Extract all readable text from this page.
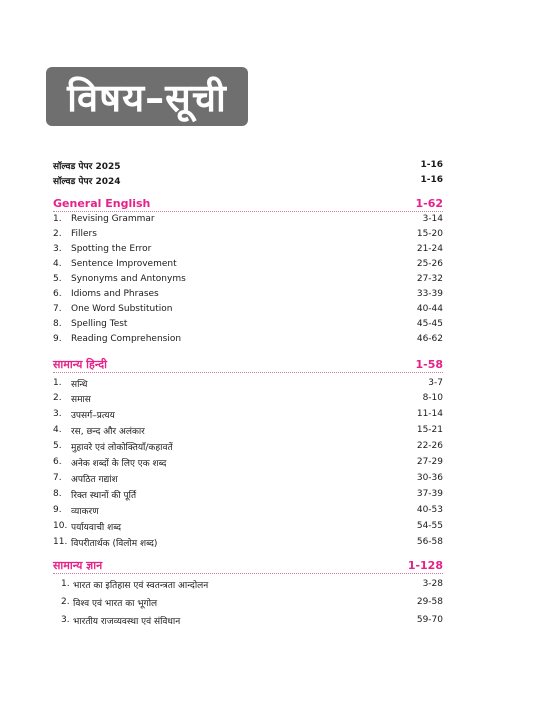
विषय–सूची
सॉल्वड पेपर 2025	1-16
सॉल्वड पेपर 2024	1-16
General English	1-62
1.	Revising Grammar	3-14
2.	Fillers	15-20
3.	Spotting the Error	21-24
4.	Sentence Improvement	25-26
5.	Synonyms and Antonyms	27-32
6.	Idioms and Phrases	33-39
7.	One Word Substitution	40-44
8.	Spelling Test	45-45
9.	Reading Comprehension	46-62
सामान्य हिन्दी	1-58
1.	सन्धि	3-7
2.	समास	8-10
3.	उपसर्ग–प्रत्यय	11-14
4.	रस, छन्द और अलंकार	15-21
5.	मुहावरे एवं लोकोक्तियाँ/कहावतें	22-26
6.	अनेक शब्दों के लिए एक शब्द	27-29
7.	अपठित गद्यांश	30-36
8.	रिक्त स्थानों की पूर्ति	37-39
9.	व्याकरण	40-53
10. पर्यायवाची शब्द	54-55
11. विपरीतार्थक (विलोम शब्द)	56-58
सामान्य ज्ञान	1-128
1. भारत का इतिहास एवं स्वतन्त्रता आन्दोलन	3-28
2. विश्व एवं भारत का भूगोल	29-58
3. भारतीय राजव्यवस्था एवं संविधान	59-70
